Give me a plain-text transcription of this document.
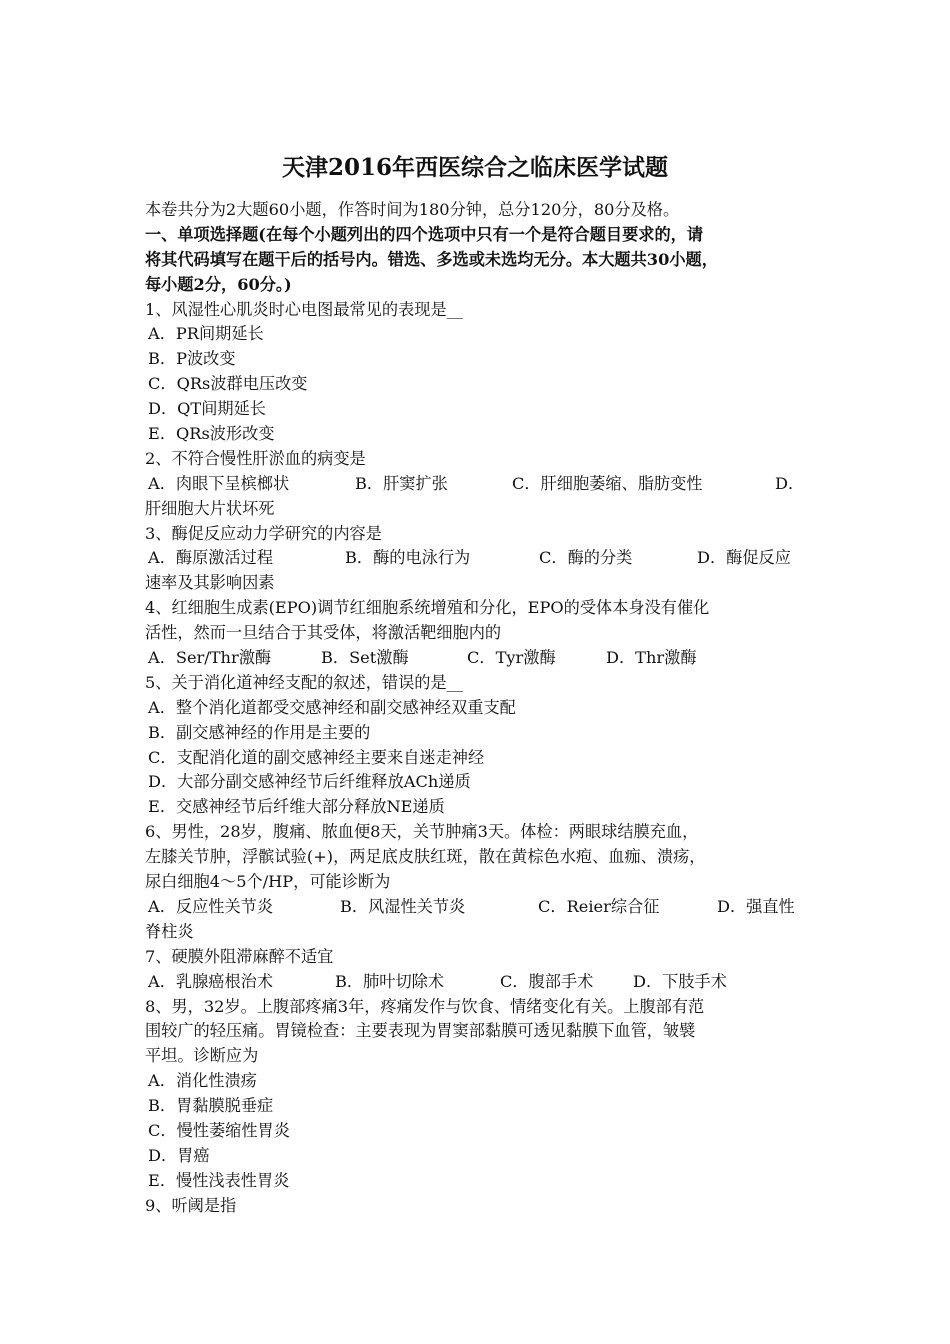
天津2016年西医综合之临床医学试题
本卷共分为2大题60小题，作答时间为180分钟，总分120分，80分及格。
一、单项选择题(在每个小题列出的四个选项中只有一个是符合题目要求的，请
将其代码填写在题干后的括号内。错选、多选或未选均无分。本大题共30小题，
每小题2分，60分。)
1、风湿性心肌炎时心电图最常见的表现是__
A．PR间期延长
B．P波改变
C．QRs波群电压改变
D．QT间期延长
E．QRs波形改变
2、不符合慢性肝淤血的病变是
A．肉眼下呈槟榔状	B．肝窦扩张	C．肝细胞萎缩、脂肪变性	D．
肝细胞大片状坏死
3、酶促反应动力学研究的内容是
A．酶原激活过程	B．酶的电泳行为	C．酶的分类	D．酶促反应
速率及其影响因素
4、红细胞生成素(EPO)调节红细胞系统增殖和分化，EPO的受体本身没有催化
活性，然而一旦结合于其受体，将激活靶细胞内的
A．Ser/Thr激酶	B．Set激酶	C．Tyr激酶	D．Thr激酶
5、关于消化道神经支配的叙述，错误的是__
A．整个消化道都受交感神经和副交感神经双重支配
B．副交感神经的作用是主要的
C．支配消化道的副交感神经主要来自迷走神经
D．大部分副交感神经节后纤维释放ACh递质
E．交感神经节后纤维大部分释放NE递质
6、男性，28岁，腹痛、脓血便8天，关节肿痛3天。体检：两眼球结膜充血，
左膝关节肿，浮髌试验(+)，两足底皮肤红斑，散在黄棕色水疱、血痂、溃疡，
尿白细胞4～5个/HP，可能诊断为
A．反应性关节炎	B．风湿性关节炎	C．Reier综合征	D．强直性
脊柱炎
7、硬膜外阻滞麻醉不适宜
A．乳腺癌根治术	B．肺叶切除术	C．腹部手术 D．下肢手术
8、男，32岁。上腹部疼痛3年，疼痛发作与饮食、情绪变化有关。上腹部有范
围较广的轻压痛。胃镜检查：主要表现为胃窦部黏膜可透见黏膜下血管，皱襞
平坦。诊断应为
A．消化性溃疡
B．胃黏膜脱垂症
C．慢性萎缩性胃炎
D．胃癌
E．慢性浅表性胃炎
9、听阈是指
